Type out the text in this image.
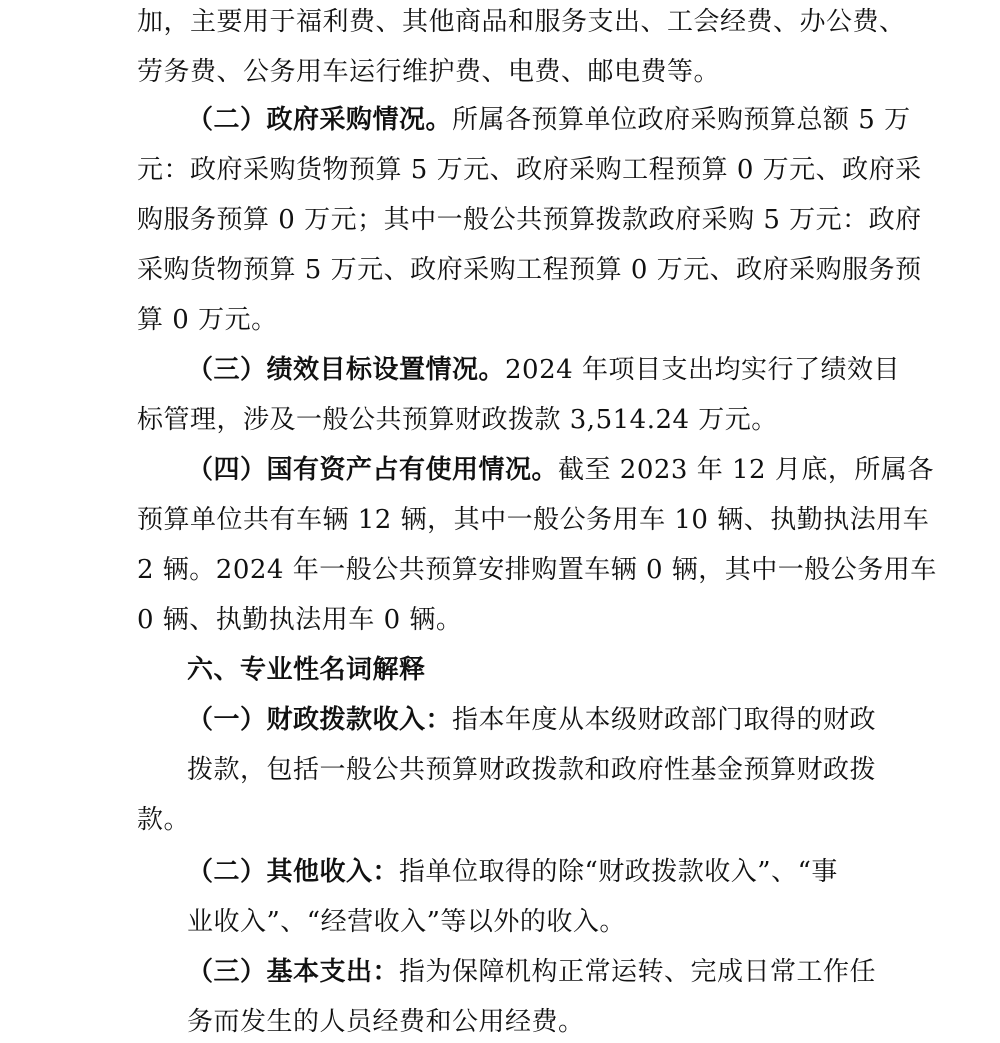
加，主要用于福利费、其他商品和服务支出、工会经费、办公费、
劳务费、公务用车运行维护费、电费、邮电费等。
（二）政府采购情况。所属各预算单位政府采购预算总额 5 万
元：政府采购货物预算 5 万元、政府采购工程预算 0 万元、政府采
购服务预算 0 万元；其中一般公共预算拨款政府采购 5 万元：政府
采购货物预算 5 万元、政府采购工程预算 0 万元、政府采购服务预
算 0 万元。
（三）绩效目标设置情况。2024 年项目支出均实行了绩效目
标管理，涉及一般公共预算财政拨款 3,514.24 万元。
（四）国有资产占有使用情况。截至 2023 年 12 月底，所属各
预算单位共有车辆 12 辆，其中一般公务用车 10 辆、执勤执法用车
2 辆。2024 年一般公共预算安排购置车辆 0 辆，其中一般公务用车
0 辆、执勤执法用车 0 辆。
六、专业性名词解释
（一）财政拨款收入：指本年度从本级财政部门取得的财政
拨款，包括一般公共预算财政拨款和政府性基金预算财政拨
款。
（二）其他收入：指单位取得的除“财政拨款收入”、“事
业收入”、“经营收入”等以外的收入。
（三）基本支出：指为保障机构正常运转、完成日常工作任
务而发生的人员经费和公用经费。
